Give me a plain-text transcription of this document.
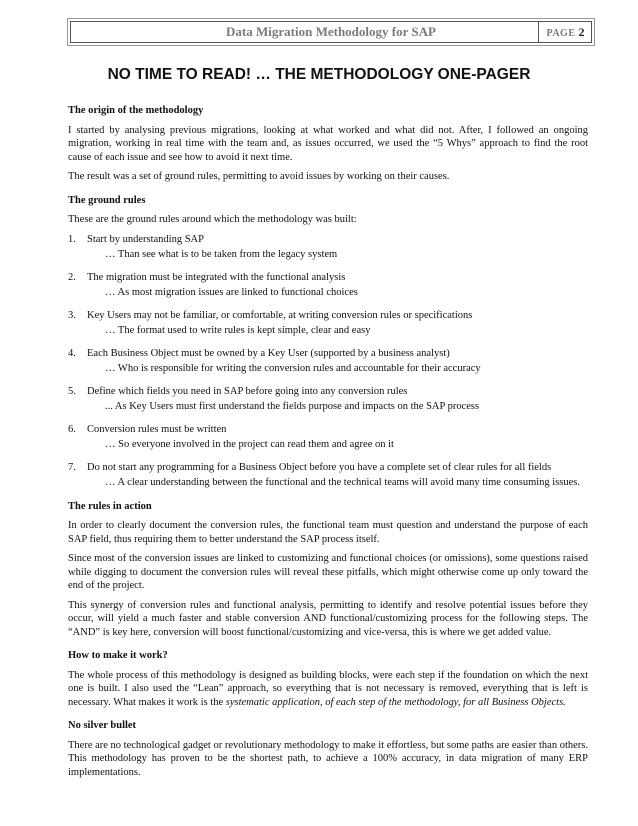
Data Migration Methodology for SAP	PAGE 2
NO TIME TO READ! … THE METHODOLOGY ONE-PAGER
The origin of the methodology
I started by analysing previous migrations, looking at what worked and what did not. After, I followed an ongoing migration, working in real time with the team and, as issues occurred, we used the “5 Whys” approach to find the root cause of each issue and see how to avoid it next time.
The result was a set of ground rules, permitting to avoid issues by working on their causes.
The ground rules
These are the ground rules around which the methodology was built:
1. Start by understanding SAP
… Than see what is to be taken from the legacy system
2. The migration must be integrated with the functional analysis
… As most migration issues are linked to functional choices
3. Key Users may not be familiar, or comfortable, at writing conversion rules or specifications
… The format used to write rules is kept simple, clear and easy
4. Each Business Object must be owned by a Key User (supported by a business analyst)
… Who is responsible for writing the conversion rules and accountable for their accuracy
5. Define which fields you need in SAP before going into any conversion rules
... As Key Users must first understand the fields purpose and impacts on the SAP process
6. Conversion rules must be written
… So everyone involved in the project can read them and agree on it
7. Do not start any programming for a Business Object before you have a complete set of clear rules for all fields
… A clear understanding between the functional and the technical teams will avoid many time consuming issues.
The rules in action
In order to clearly document the conversion rules, the functional team must question and understand the purpose of each SAP field, thus requiring them to better understand the SAP process itself.
Since most of the conversion issues are linked to customizing and functional choices (or omissions), some questions raised while digging to document the conversion rules will reveal these pitfalls, which might otherwise come up only toward the end of the project.
This synergy of conversion rules and functional analysis, permitting to identify and resolve potential issues before they occur, will yield a much faster and stable conversion AND functional/customizing process for the following steps. The “AND” is key here, conversion will boost functional/customizing and vice-versa, this is where we get added value.
How to make it work?
The whole process of this methodology is designed as building blocks, were each step if the foundation on which the next one is built. I also used the “Lean” approach, so everything that is not necessary is removed, everything that is left is necessary. What makes it work is the systematic application, of each step of the methodology, for all Business Objects.
No silver bullet
There are no technological gadget or revolutionary methodology to make it effortless, but some paths are easier than others. This methodology has proven to be the shortest path, to achieve a 100% accuracy, in data migration of many ERP implementations.
